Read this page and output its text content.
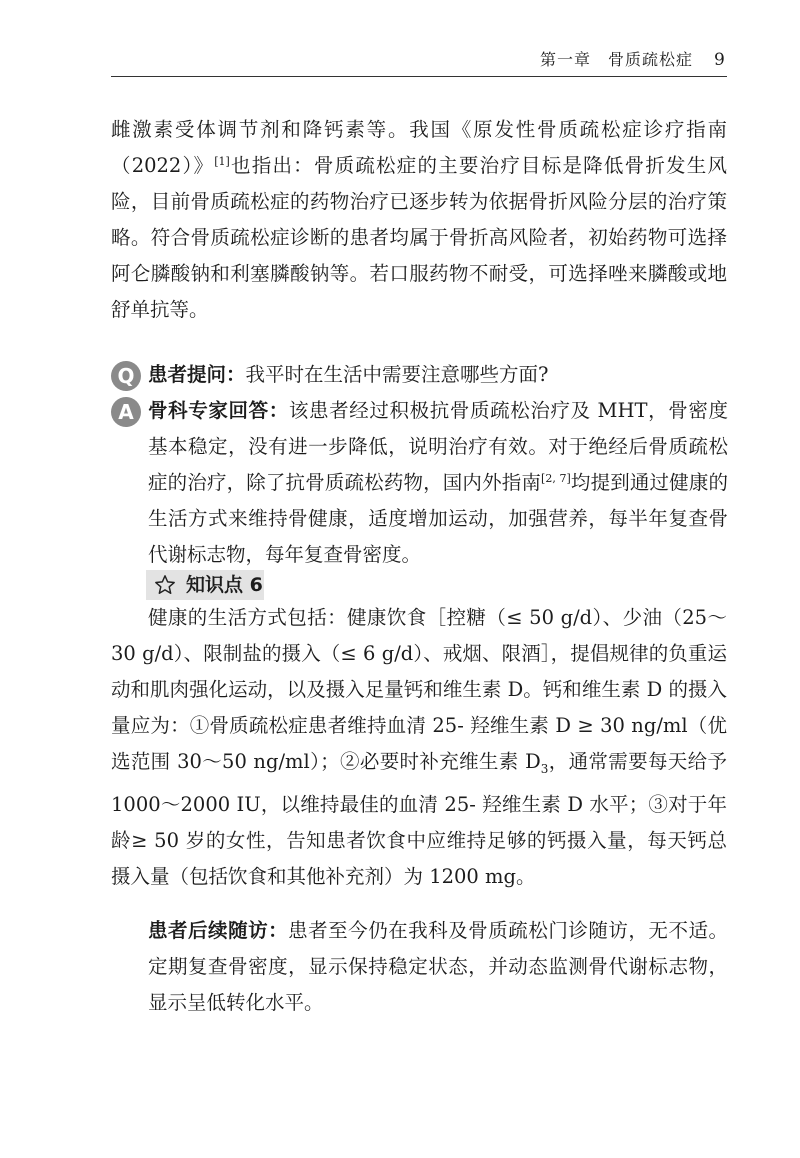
第一章　骨质疏松症 9

雌激素受体调节剂和降钙素等。我国《原发性骨质疏松症诊疗指南（2022）》[1]也指出：骨质疏松症的主要治疗目标是降低骨折发生风险，目前骨质疏松症的药物治疗已逐步转为依据骨折风险分层的治疗策略。符合骨质疏松症诊断的患者均属于骨折高风险者，初始药物可选择阿仑膦酸钠和利塞膦酸钠等。若口服药物不耐受，可选择唑来膦酸或地舒单抗等。

Q 患者提问：我平时在生活中需要注意哪些方面?

A 骨科专家回答：该患者经过积极抗骨质疏松治疗及 MHT，骨密度基本稳定，没有进一步降低，说明治疗有效。对于绝经后骨质疏松症的治疗，除了抗骨质疏松药物，国内外指南[2, 7]均提到通过健康的生活方式来维持骨健康，适度增加运动，加强营养，每半年复查骨代谢标志物，每年复查骨密度。

知识点 6

健康的生活方式包括：健康饮食［控糖（≤ 50 g/d）、少油（25～30 g/d）、限制盐的摄入（≤ 6 g/d）、戒烟、限酒］，提倡规律的负重运动和肌肉强化运动，以及摄入足量钙和维生素 D。钙和维生素 D 的摄入量应为：①骨质疏松症患者维持血清 25- 羟维生素 D ≥ 30 ng/ml（优选范围 30～50 ng/ml）；②必要时补充维生素 $D_3$，通常需要每天给予 1000～2000 IU，以维持最佳的血清 25- 羟维生素 D 水平；③对于年龄≥ 50 岁的女性，告知患者饮食中应维持足够的钙摄入量，每天钙总摄入量（包括饮食和其他补充剂）为 1200 mg。

患者后续随访：患者至今仍在我科及骨质疏松门诊随访，无不适。定期复查骨密度，显示保持稳定状态，并动态监测骨代谢标志物，显示呈低转化水平。
